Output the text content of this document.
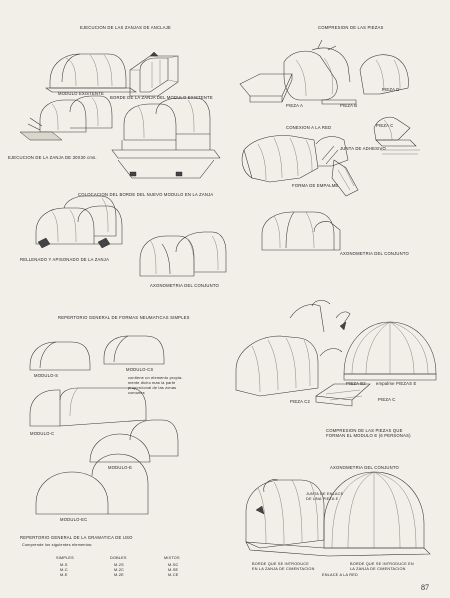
EJECUCION DE LAS ZANJAS DE ANCLAJE
MODULO EXISTENTE
BORDE DE LA ZANJA DEL MODULO EXISTENTE
EJECUCION DE LA ZANJA DE 30X30 cms.
COLOCACION DEL BORDE DEL NUEVO MODULO EN LA ZANJA
RELLENADO Y APISONADO DE LA ZANJA
AXONOMETRIA DEL CONJUNTO
COMPRESION DE LAS PIEZAS
PIEZA A	PIEZA B
PIEZA D
PIEZA C
CONEXION A LA RED
JUNTA DE ADHESIVO
FORMA DE EMPALME
AXONOMETRIA DEL CONJUNTO
REPERTORIO GENERAL DE FORMAS NEUMATICAS SIMPLES
MODULO-S
MODULO-CS
contiene un elemento propia-
mente dicho mas la parte
proporcional de las zonas
comunes
MODULO-C
MODULO-E
MODULO-EC
PIEZA B2 empalme PIEZAS E
PIEZA C2	PIEZA C
COMPRESION DE LAS PIEZAS QUE
FORMAN EL MODULO E (6 PERSONAS)
AXONOMETRIA DEL CONJUNTO
JUNTA DE ENLACE
DE UNA PIEZA E
BORDE QUE SE INTRODUCE
EN LA ZANJA DE CIMENTACION
BORDE QUE SE INTRODUCE EN
LA ZANJA DE CIMENTACION
ENLACE A LA RED
REPERTORIO GENERAL DE LA GRAMATICA DE USO
Comprende los siguientes elementos:
SIMPLES
M-S
M-C
M-E
DOBLES
M-2S
M-2C
M-2E
MIXTOS
M-SC
M-SE
M-CE
87
